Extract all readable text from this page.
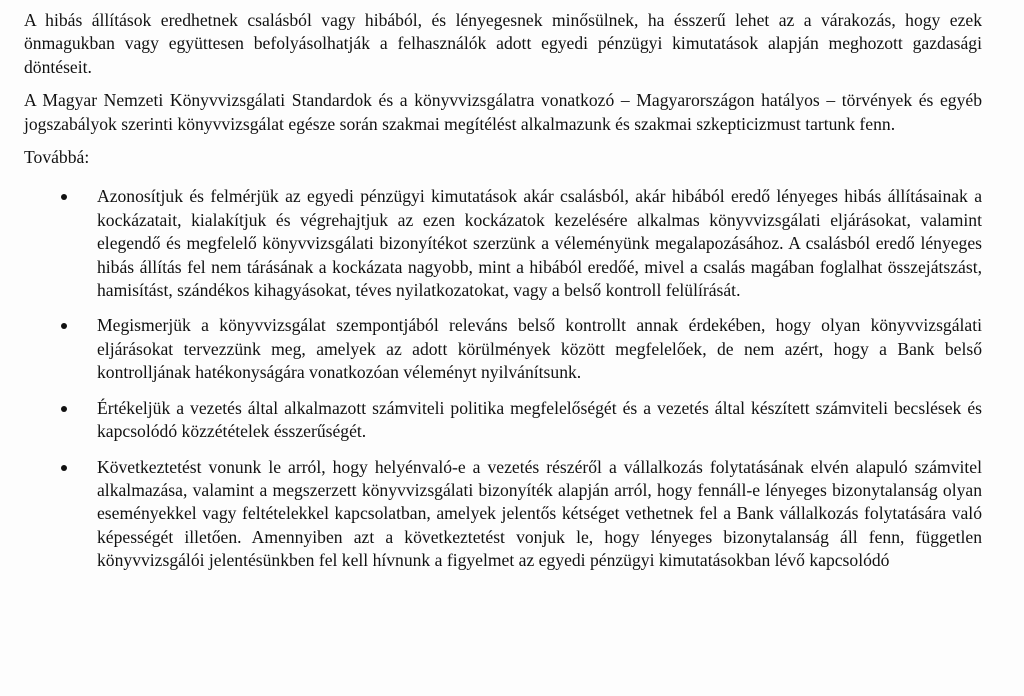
A hibás állítások eredhetnek csalásból vagy hibából, és lényegesnek minősülnek, ha ésszerű lehet az a várakozás, hogy ezek önmagukban vagy együttesen befolyásolhatják a felhasználók adott egyedi pénzügyi kimutatások alapján meghozott gazdasági döntéseit.

A Magyar Nemzeti Könyvvizsgálati Standardok és a könyvvizsgálatra vonatkozó – Magyarországon hatályos – törvények és egyéb jogszabályok szerinti könyvvizsgálat egésze során szakmai megítélést alkalmazunk és szakmai szkepticizmust tartunk fenn.

Továbbá:

Azonosítjuk és felmérjük az egyedi pénzügyi kimutatások akár csalásból, akár hibából eredő lényeges hibás állításainak a kockázatait, kialakítjuk és végrehajtjuk az ezen kockázatok kezelésére alkalmas könyvvizsgálati eljárásokat, valamint elegendő és megfelelő könyvvizsgálati bizonyítékot szerzünk a véleményünk megalapozásához. A csalásból eredő lényeges hibás állítás fel nem tárásának a kockázata nagyobb, mint a hibából eredőé, mivel a csalás magában foglalhat összejátszást, hamisítást, szándékos kihagyásokat, téves nyilatkozatokat, vagy a belső kontroll felülírását.
Megismerjük a könyvvizsgálat szempontjából releváns belső kontrollt annak érdekében, hogy olyan könyvvizsgálati eljárásokat tervezzünk meg, amelyek az adott körülmények között megfelelőek, de nem azért, hogy a Bank belső kontrolljának hatékonyságára vonatkozóan véleményt nyilvánítsunk.
Értékeljük a vezetés által alkalmazott számviteli politika megfelelőségét és a vezetés által készített számviteli becslések és kapcsolódó közzétételek ésszerűségét.
Következtetést vonunk le arról, hogy helyénvaló-e a vezetés részéről a vállalkozás folytatásának elvén alapuló számvitel alkalmazása, valamint a megszerzett könyvvizsgálati bizonyíték alapján arról, hogy fennáll-e lényeges bizonytalanság olyan eseményekkel vagy feltételekkel kapcsolatban, amelyek jelentős kétséget vethetnek fel a Bank vállalkozás folytatására való képességét illetően. Amennyiben azt a következtetést vonjuk le, hogy lényeges bizonytalanság áll fenn, független könyvvizsgálói jelentésünkben fel kell hívnunk a figyelmet az egyedi pénzügyi kimutatásokban lévő kapcsolódó
